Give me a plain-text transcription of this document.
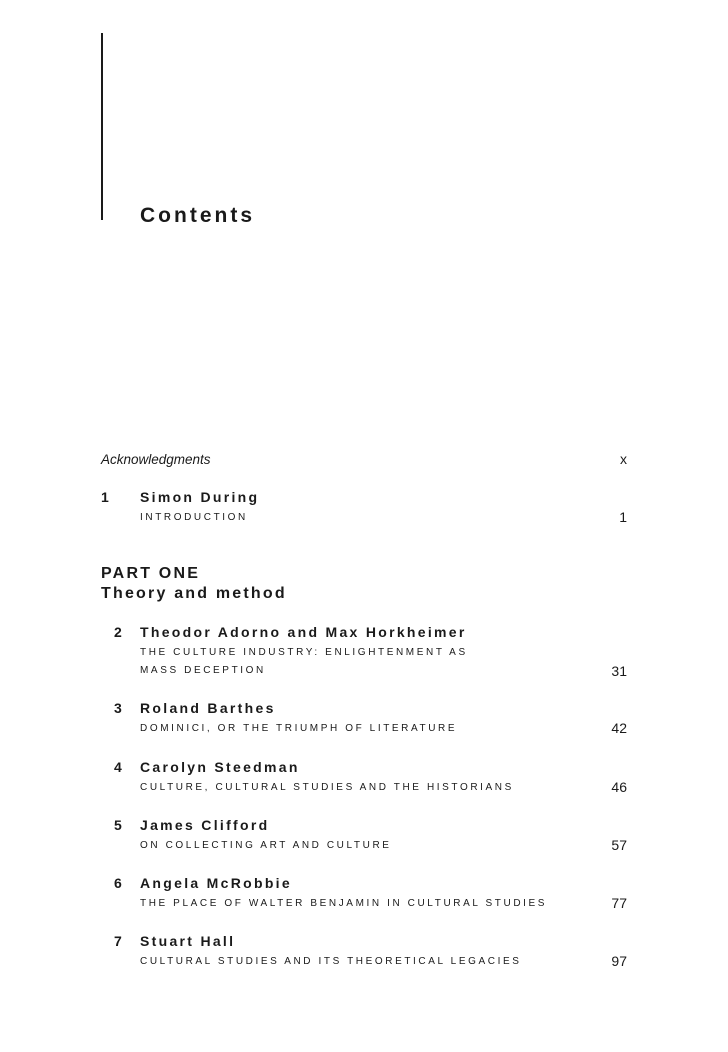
Contents
Acknowledgments	x
1 Simon During
INTRODUCTION	1
PART ONE
Theory and method
2 Theodor Adorno and Max Horkheimer
THE CULTURE INDUSTRY: ENLIGHTENMENT AS
MASS DECEPTION	31
3 Roland Barthes
DOMINICI, OR THE TRIUMPH OF LITERATURE	42
4 Carolyn Steedman
CULTURE, CULTURAL STUDIES AND THE HISTORIANS	46
5 James Clifford
ON COLLECTING ART AND CULTURE	57
6 Angela McRobbie
THE PLACE OF WALTER BENJAMIN IN CULTURAL STUDIES	77
7 Stuart Hall
CULTURAL STUDIES AND ITS THEORETICAL LEGACIES	97
